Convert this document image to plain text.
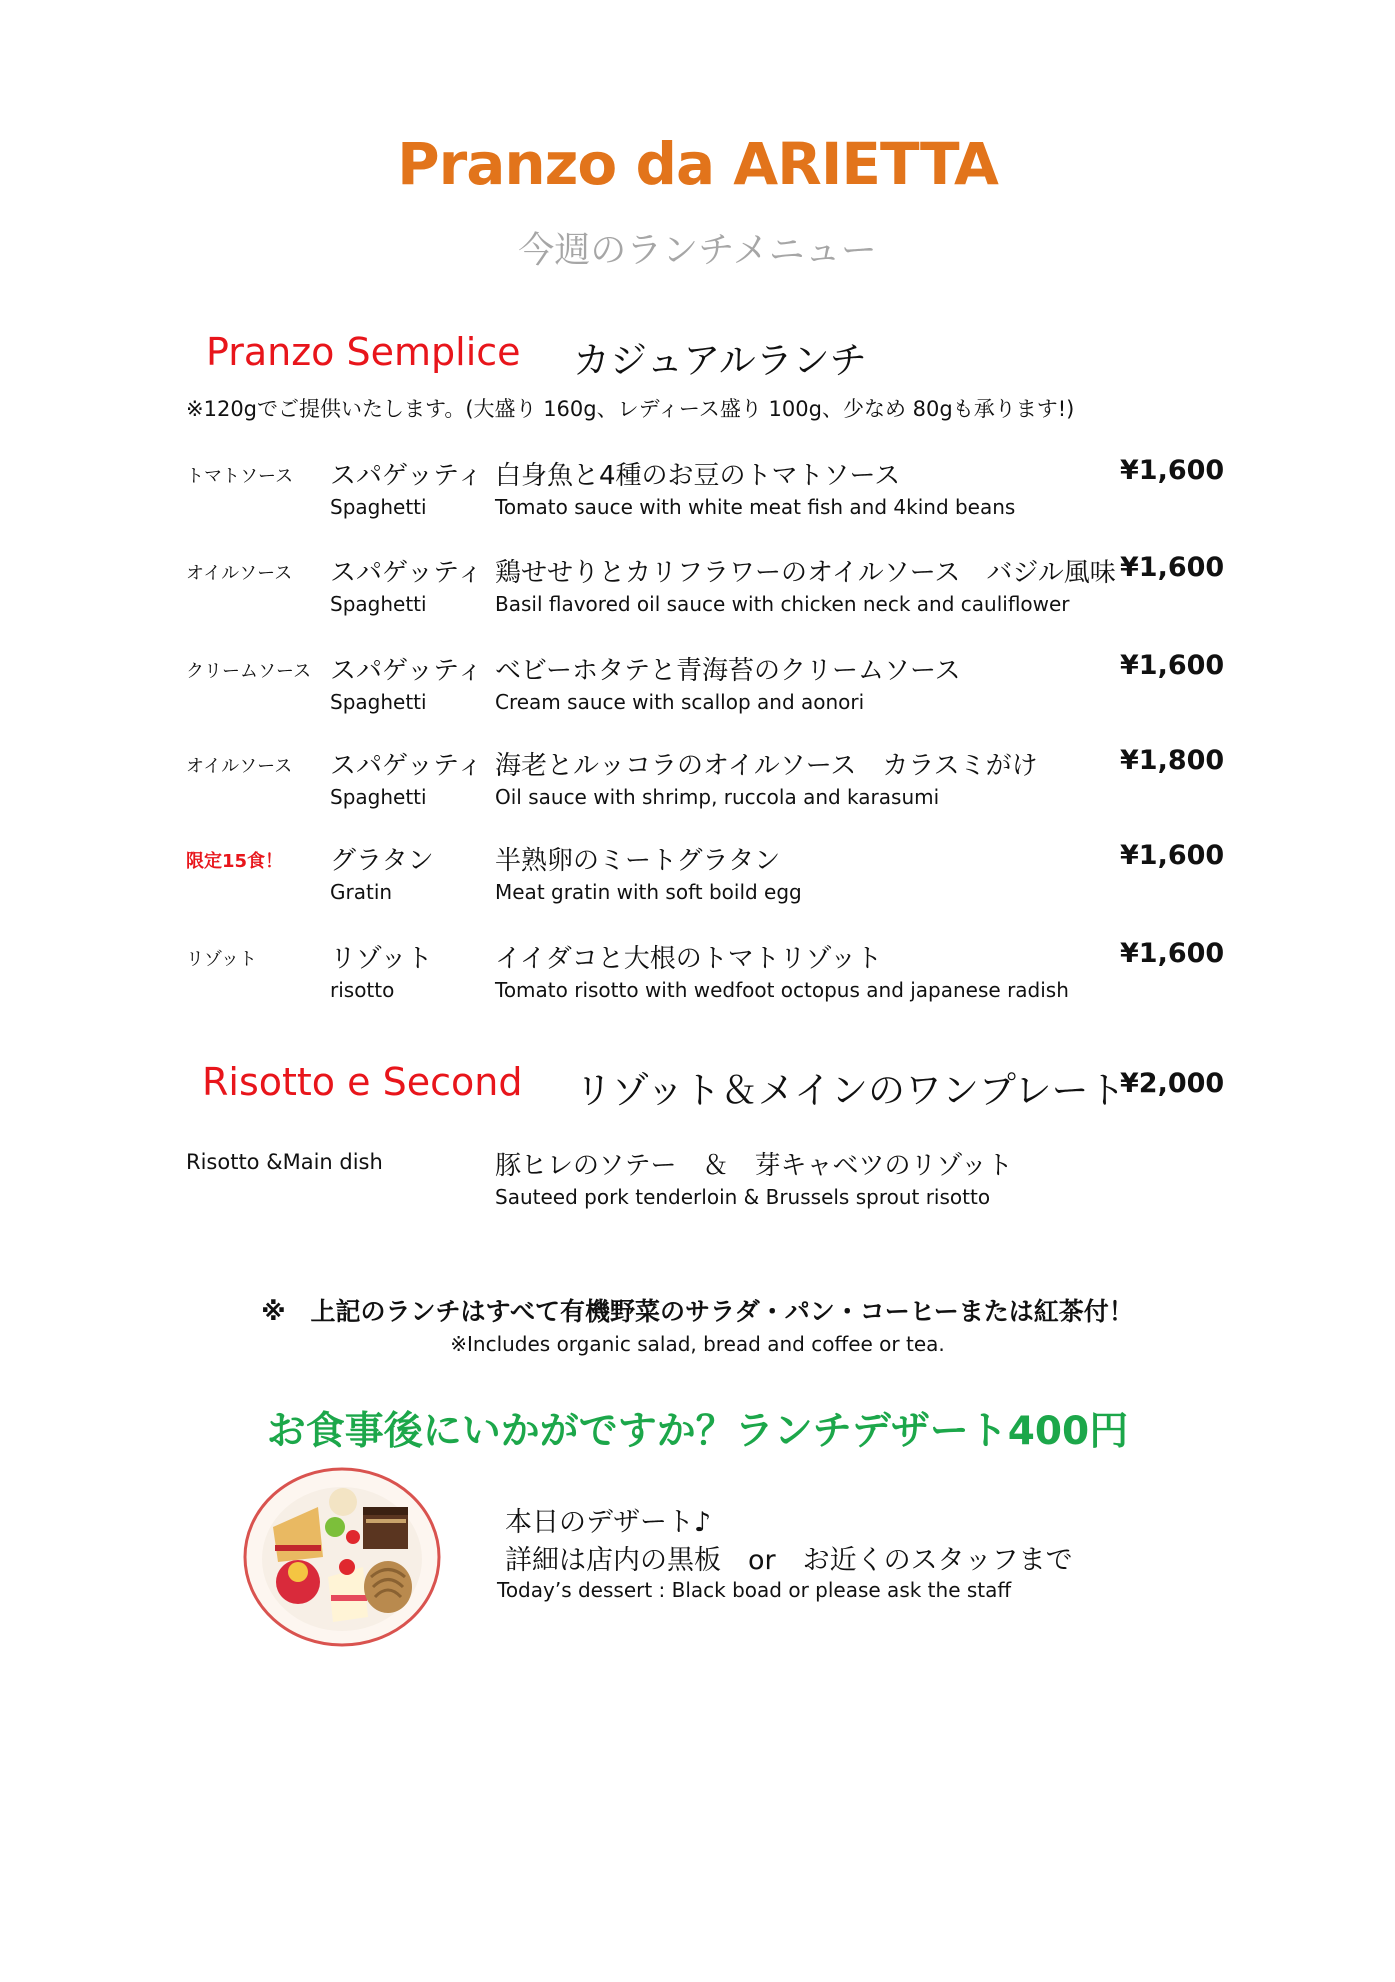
Pranzo da ARIETTA
今週のランチメニュー
Pranzo Semplice カジュアルランチ
※120gでご提供いたします。(大盛り 160g、レディース盛り 100g、少なめ 80gも承ります!)
トマトソース スパゲッティ
Spaghetti
白身魚と4種のお豆のトマトソース
Tomato sauce with white meat fish and 4kind beans
¥1,600
オイルソース スパゲッティ
Spaghetti
鶏せせりとカリフラワーのオイルソース　バジル風味
Basil flavored oil sauce with chicken neck and cauliflower
¥1,600
クリームソース スパゲッティ
Spaghetti
ベビーホタテと青海苔のクリームソース
Cream sauce with scallop and aonori
¥1,600
オイルソース スパゲッティ
Spaghetti
海老とルッコラのオイルソース　カラスミがけ
Oil sauce with shrimp, ruccola and karasumi
¥1,800
限定15食！ グラタン
Gratin
半熟卵のミートグラタン
Meat gratin with soft boild egg
¥1,600
リゾット	リゾット
risotto
イイダコと大根のトマトリゾット
Tomato risotto with wedfoot octopus and japanese radish
¥1,600
Risotto e Second リゾット＆メインのワンプレート
¥2,000
Risotto &Main dish	豚ヒレのソテー　＆　芽キャベツのリゾット
Sauteed pork tenderloin & Brussels sprout risotto
※　上記のランチはすべて有機野菜のサラダ・パン・コーヒーまたは紅茶付！
※Includes organic salad, bread and coffee or tea.
お食事後にいかがですか？ランチデザート400円
本日のデザート♪
詳細は店内の黒板　or　お近くのスタッフまで
Today’s dessert : Black boad or please ask the staff
